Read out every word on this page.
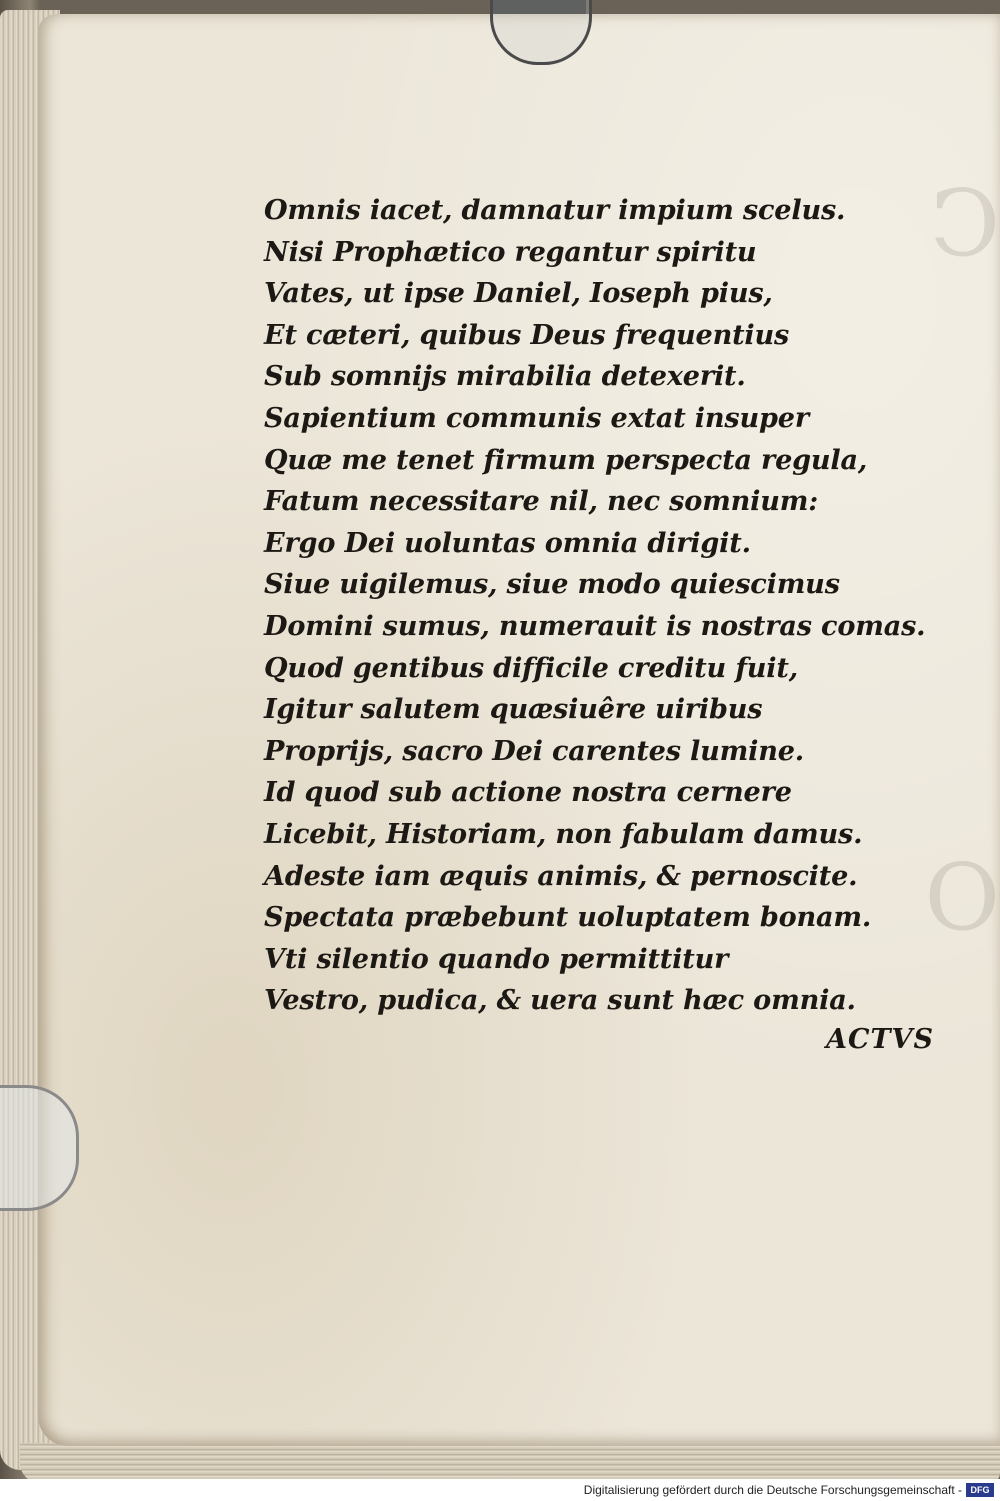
C

O

Omnis iacet, damnatur impium scelus.

Nisi Prophætico regantur spiritu

Vates, ut ipse Daniel, Ioseph pius,

Et cæteri, quibus Deus frequentius

Sub somnijs mirabilia detexerit.

Sapientium communis extat insuper

Quæ me tenet firmum perspecta regula,

Fatum necessitare nil, nec somnium:

Ergo Dei uoluntas omnia dirigit.

Siue uigilemus, siue modo quiescimus

Domini sumus, numerauit is nostras comas.

Quod gentibus difficile creditu fuit,

Igitur salutem quæsiuêre uiribus

Proprijs, sacro Dei carentes lumine.

Id quod sub actione nostra cernere

Licebit, Historiam, non fabulam damus.

Adeste iam æquis animis, & pernoscite.

Spectata præbebunt uoluptatem bonam.

Vti silentio quando permittitur

Vestro, pudica, & uera sunt hæc omnia.

ACTVS
Digitalisierung gefördert durch die Deutsche Forschungsgemeinschaft - DFG
